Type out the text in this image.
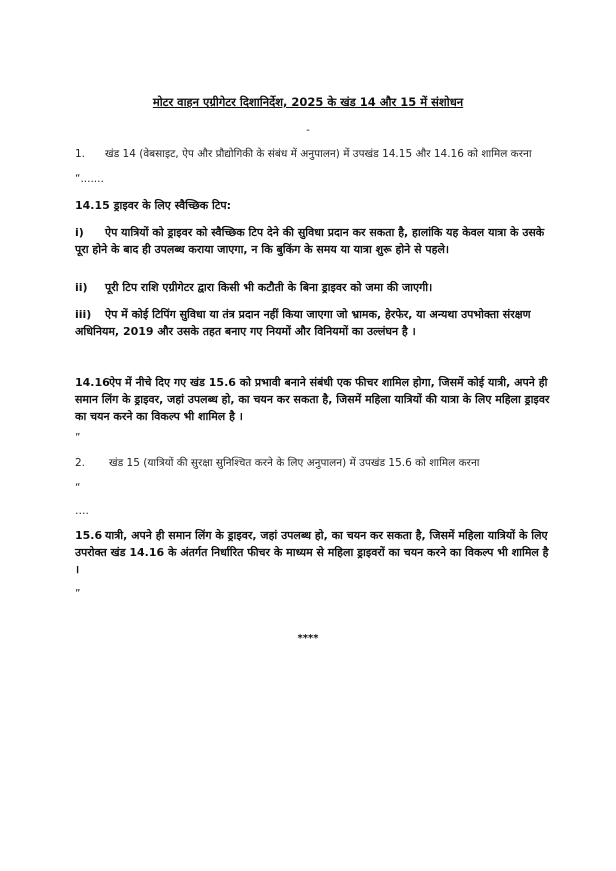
मोटर वाहन एग्रीगेटर दिशानिर्देश, 2025 के खंड 14 और 15 में संशोधन
-
1. खंड 14 (वेबसाइट, ऐप और प्रौद्योगिकी के संबंध में अनुपालन) में उपखंड 14.15 और 14.16 को शामिल करना
“.......
14.15 ड्राइवर के लिए स्वैच्छिक टिप:
i) ऐप यात्रियों को ड्राइवर को स्वैच्छिक टिप देने की सुविधा प्रदान कर सकता है, हालांकि यह केवल यात्रा के उसके पूरा होने के बाद ही उपलब्ध कराया जाएगा, न कि बुकिंग के समय या यात्रा शुरू होने से पहले।
ii) पूरी टिप राशि एग्रीगेटर द्वारा किसी भी कटौती के बिना ड्राइवर को जमा की जाएगी।
iii) ऐप में कोई टिपिंग सुविधा या तंत्र प्रदान नहीं किया जाएगा जो भ्रामक, हेरफेर, या अन्यथा उपभोक्ता संरक्षण अधिनियम, 2019 और उसके तहत बनाए गए नियमों और विनियमों का उल्लंघन है ।
14.16ऐप में नीचे दिए गए खंड 15.6 को प्रभावी बनाने संबंधी एक फीचर शामिल होगा, जिसमें कोई यात्री, अपने ही समान लिंग के ड्राइवर, जहां उपलब्ध हो, का चयन कर सकता है, जिसमें महिला यात्रियों की यात्रा के लिए महिला ड्राइवर का चयन करने का विकल्प भी शामिल है ।
”
2. खंड 15 (यात्रियों की सुरक्षा सुनिश्चित करने के लिए अनुपालन) में उपखंड 15.6 को शामिल करना
“
….
15.6 यात्री, अपने ही समान लिंग के ड्राइवर, जहां उपलब्ध हो, का चयन कर सकता है, जिसमें महिला यात्रियों के लिए उपरोक्त खंड 14.16 के अंतर्गत निर्धारित फीचर के माध्यम से महिला ड्राइवरों का चयन करने का विकल्प भी शामिल है ।
”
****
